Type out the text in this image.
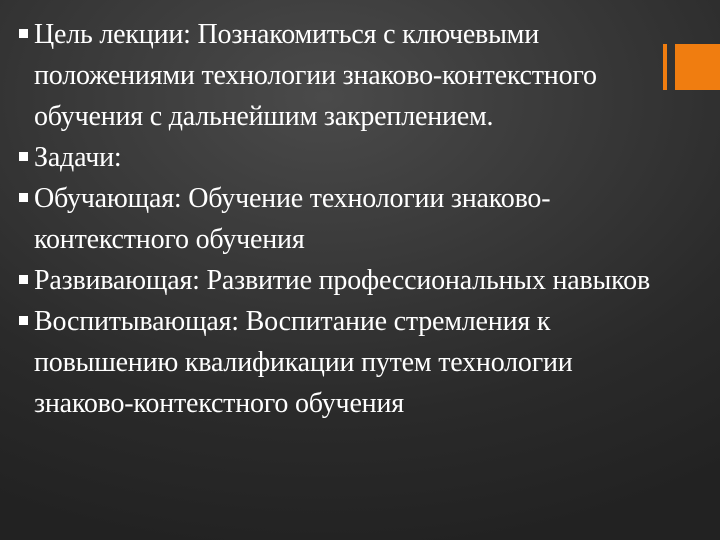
Цель лекции: Познакомиться с ключевыми положениями технологии знаково-контекстного обучения с дальнейшим закреплением.
Задачи:
Обучающая: Обучение технологии знаково-контекстного обучения
Развивающая: Развитие профессиональных навыков
Воспитывающая: Воспитание стремления к повышению квалификации путем технологии знаково-контекстного обучения
